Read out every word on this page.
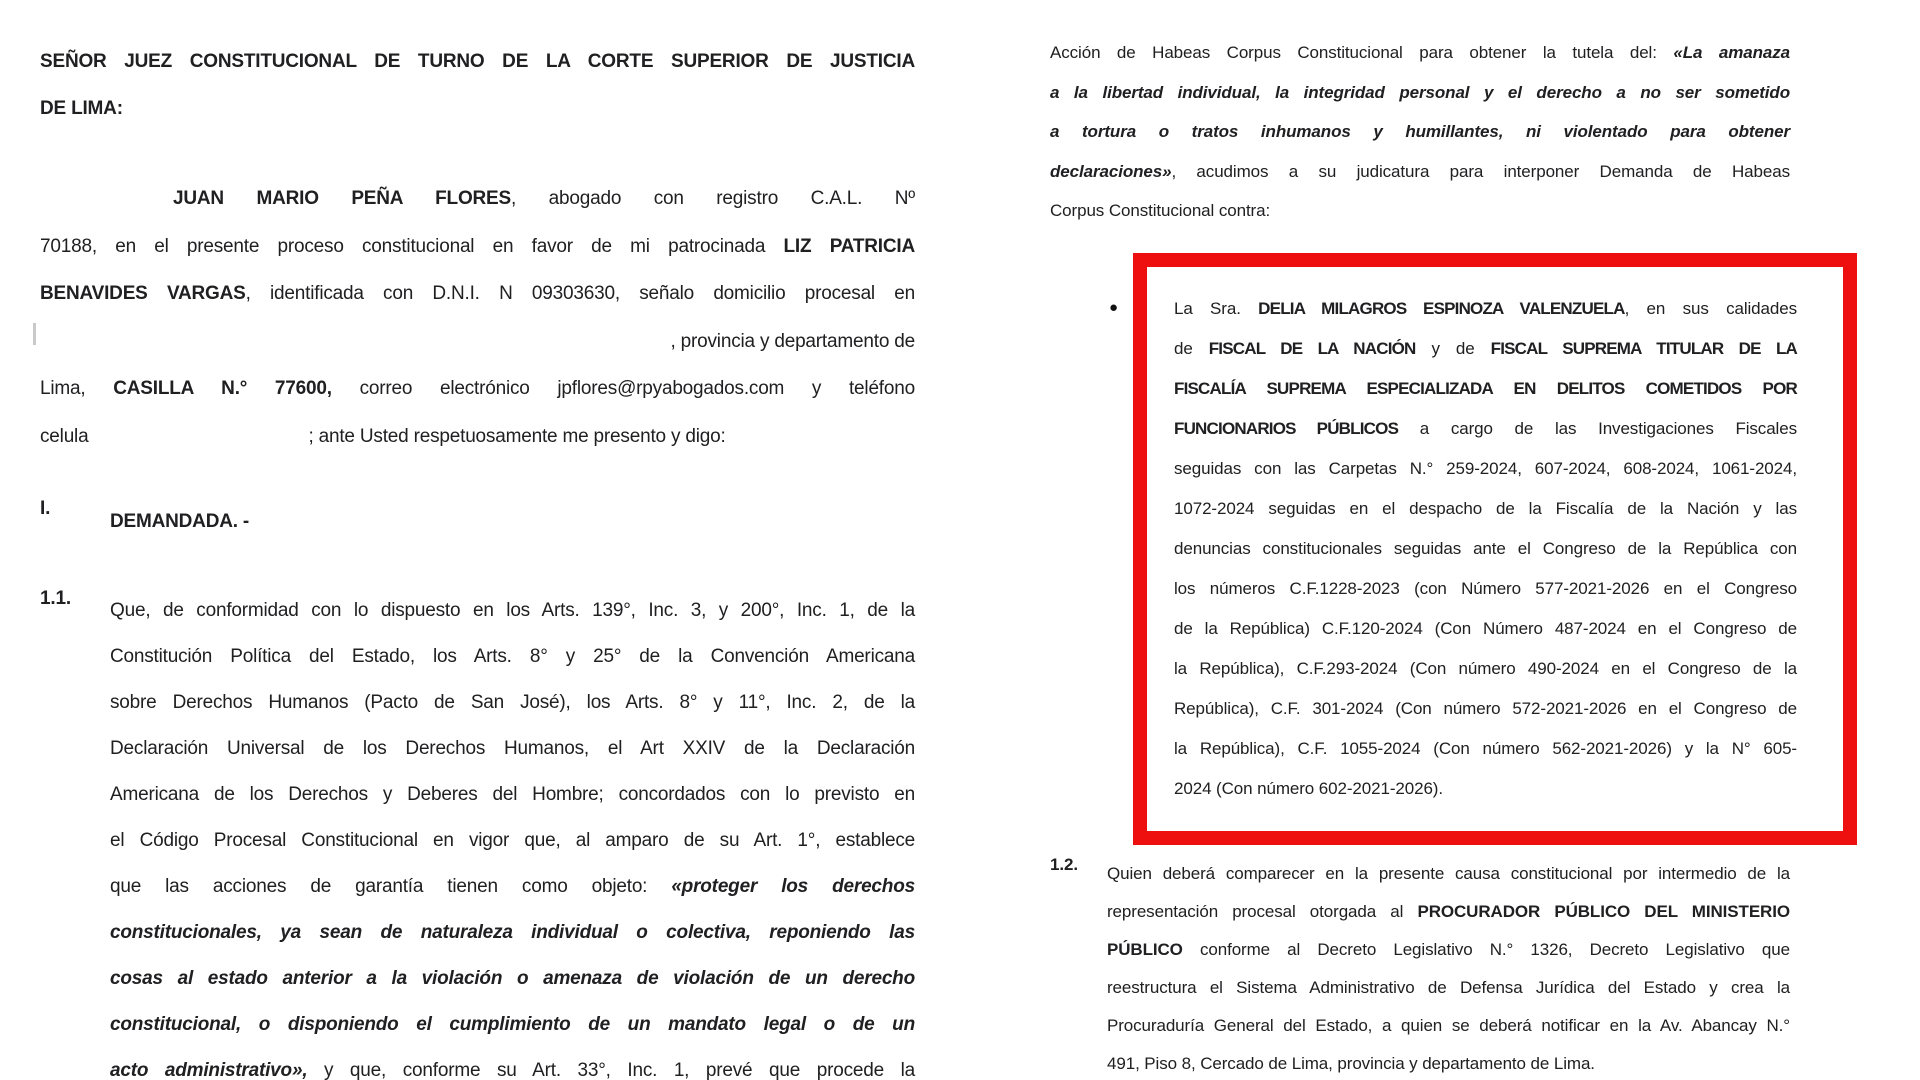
SEÑOR JUEZ CONSTITUCIONAL DE TURNO DE LA CORTE SUPERIOR DE JUSTICIA
DE LIMA:
JUAN MARIO PEÑA FLORES, abogado con registro C.A.L. Nº
70188, en el presente proceso constitucional en favor de mi patrocinada LIZ PATRICIA
BENAVIDES VARGAS, identificada con D.N.I. N 09303630, señalo domicilio procesal en
, provincia y departamento de
Lima, CASILLA N.° 77600, correo electrónico jpflores@rpyabogados.com y teléfono
celula	; ante Usted respetuosamente me presento y digo:
I.
DEMANDADA. -
1.1.
Que, de conformidad con lo dispuesto en los Arts. 139°, Inc. 3, y 200°, Inc. 1, de la
Constitución Política del Estado, los Arts. 8° y 25° de la Convención Americana
sobre Derechos Humanos (Pacto de San José), los Arts. 8° y 11°, Inc. 2, de la
Declaración Universal de los Derechos Humanos, el Art XXIV de la Declaración
Americana de los Derechos y Deberes del Hombre; concordados con lo previsto en
el Código Procesal Constitucional en vigor que, al amparo de su Art. 1°, establece
que las acciones de garantía tienen como objeto: «proteger los derechos
constitucionales, ya sean de naturaleza individual o colectiva, reponiendo las
cosas al estado anterior a la violación o amenaza de violación de un derecho
constitucional, o disponiendo el cumplimiento de un mandato legal o de un
acto administrativo», y que, conforme su Art. 33°, Inc. 1, prevé que procede la
Acción de Habeas Corpus Constitucional para obtener la tutela del: «La amanaza
a la libertad individual, la integridad personal y el derecho a no ser sometido
a tortura o tratos inhumanos y humillantes, ni violentado para obtener
declaraciones», acudimos a su judicatura para interponer Demanda de Habeas
Corpus Constitucional contra:
●	La Sra. DELIA MILAGROS ESPINOZA VALENZUELA, en sus calidades
de FISCAL DE LA NACIÓN y de FISCAL SUPREMA TITULAR DE LA
FISCALÍA SUPREMA ESPECIALIZADA EN DELITOS COMETIDOS POR
FUNCIONARIOS PÚBLICOS a cargo de las Investigaciones Fiscales
seguidas con las Carpetas N.° 259-2024, 607-2024, 608-2024, 1061-2024,
1072-2024 seguidas en el despacho de la Fiscalía de la Nación y las
denuncias constitucionales seguidas ante el Congreso de la República con
los números C.F.1228-2023 (con Número 577-2021-2026 en el Congreso
de la República) C.F.120-2024 (Con Número 487-2024 en el Congreso de
la República), C.F.293-2024 (Con número 490-2024 en el Congreso de la
República), C.F. 301-2024 (Con número 572-2021-2026 en el Congreso de
la República), C.F. 1055-2024 (Con número 562-2021-2026) y la N° 605-
2024 (Con número 602-2021-2026).
1.2. Quien deberá comparecer en la presente causa constitucional por intermedio de la
representación procesal otorgada al PROCURADOR PÚBLICO DEL MINISTERIO
PÚBLICO conforme al Decreto Legislativo N.° 1326, Decreto Legislativo que
reestructura el Sistema Administrativo de Defensa Jurídica del Estado y crea la
Procuraduría General del Estado, a quien se deberá notificar en la Av. Abancay N.°
491, Piso 8, Cercado de Lima, provincia y departamento de Lima.
